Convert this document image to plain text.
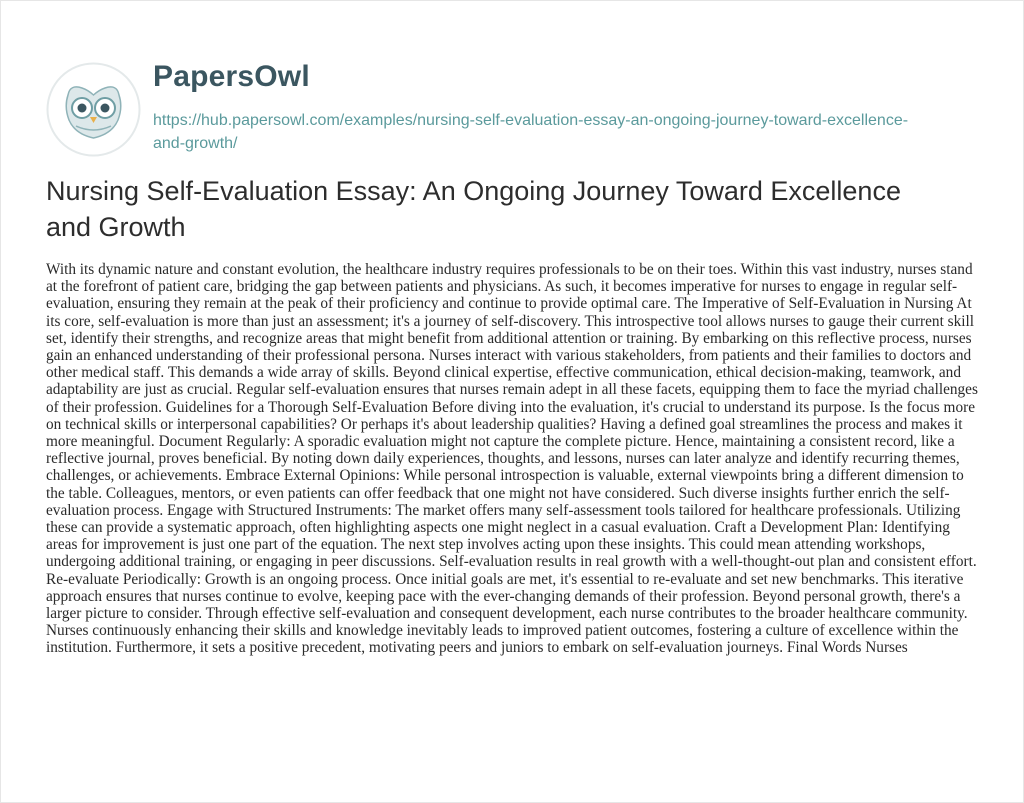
PapersOwl
https://hub.papersowl.com/examples/nursing-self-evaluation-essay-an-ongoing-journey-toward-excellence-and-growth/
Nursing Self-Evaluation Essay: An Ongoing Journey Toward Excellence and Growth

With its dynamic nature and constant evolution, the healthcare industry requires professionals to be on their toes. Within this vast industry, nurses stand at the forefront of patient care, bridging the gap between patients and physicians. As such, it becomes imperative for nurses to engage in regular self-evaluation, ensuring they remain at the peak of their proficiency and continue to provide optimal care. The Imperative of Self-Evaluation in Nursing At its core, self-evaluation is more than just an assessment; it's a journey of self-discovery. This introspective tool allows nurses to gauge their current skill set, identify their strengths, and recognize areas that might benefit from additional attention or training. By embarking on this reflective process, nurses gain an enhanced understanding of their professional persona. Nurses interact with various stakeholders, from patients and their families to doctors and other medical staff. This demands a wide array of skills. Beyond clinical expertise, effective communication, ethical decision-making, teamwork, and adaptability are just as crucial. Regular self-evaluation ensures that nurses remain adept in all these facets, equipping them to face the myriad challenges of their profession. Guidelines for a Thorough Self-Evaluation Before diving into the evaluation, it's crucial to understand its purpose. Is the focus more on technical skills or interpersonal capabilities? Or perhaps it's about leadership qualities? Having a defined goal streamlines the process and makes it more meaningful. Document Regularly: A sporadic evaluation might not capture the complete picture. Hence, maintaining a consistent record, like a reflective journal, proves beneficial. By noting down daily experiences, thoughts, and lessons, nurses can later analyze and identify recurring themes, challenges, or achievements. Embrace External Opinions: While personal introspection is valuable, external viewpoints bring a different dimension to the table. Colleagues, mentors, or even patients can offer feedback that one might not have considered. Such diverse insights further enrich the self-evaluation process. Engage with Structured Instruments: The market offers many self-assessment tools tailored for healthcare professionals. Utilizing these can provide a systematic approach, often highlighting aspects one might neglect in a casual evaluation. Craft a Development Plan: Identifying areas for improvement is just one part of the equation. The next step involves acting upon these insights. This could mean attending workshops, undergoing additional training, or engaging in peer discussions. Self-evaluation results in real growth with a well-thought-out plan and consistent effort. Re-evaluate Periodically: Growth is an ongoing process. Once initial goals are met, it's essential to re-evaluate and set new benchmarks. This iterative approach ensures that nurses continue to evolve, keeping pace with the ever-changing demands of their profession. Beyond personal growth, there's a larger picture to consider. Through effective self-evaluation and consequent development, each nurse contributes to the broader healthcare community. Nurses continuously enhancing their skills and knowledge inevitably leads to improved patient outcomes, fostering a culture of excellence within the institution. Furthermore, it sets a positive precedent, motivating peers and juniors to embark on self-evaluation journeys. Final Words Nurses
